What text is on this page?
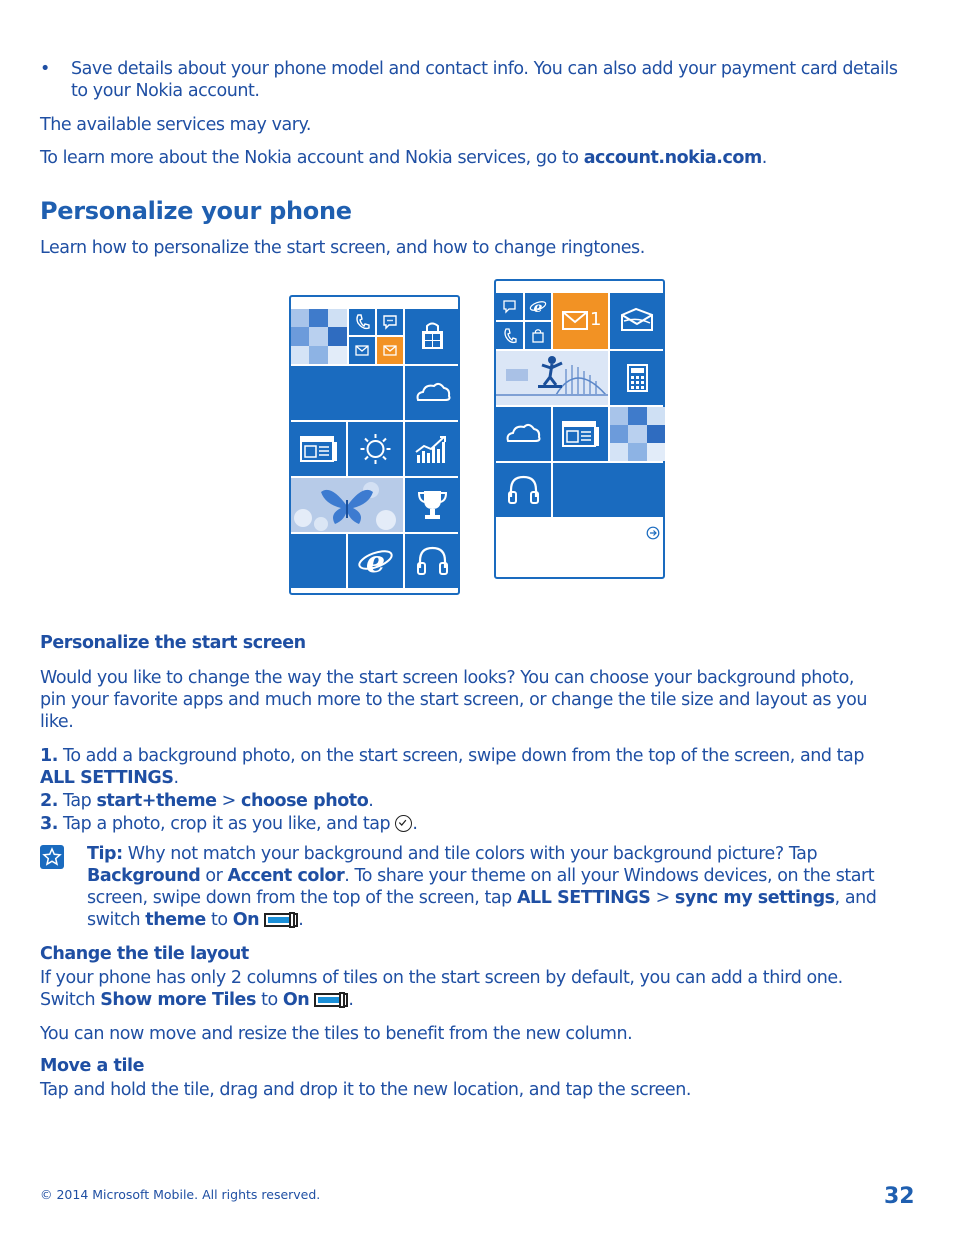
• Save details about your phone model and contact info. You can also add your payment card details
to your Nokia account.
The available services may vary.
To learn more about the Nokia account and Nokia services, go to account.nokia.com.
Personalize your phone
Learn how to personalize the start screen, and how to change ringtones.
e
e
1
Personalize the start screen
Would you like to change the way the start screen looks? You can choose your background photo,
pin your favorite apps and much more to the start screen, or change the tile size and layout as you
like.
1. To add a background photo, on the start screen, swipe down from the top of the screen, and tap
ALL SETTINGS.
2. Tap start+theme > choose photo.
3. Tap a photo, crop it as you like, and tap
.
Tip: Why not match your background and tile colors with your background picture? Tap
Background or Accent color. To share your theme on all your Windows devices, on the start
screen, swipe down from the top of the screen, tap ALL SETTINGS > sync my settings, and
switch theme to On .
Change the tile layout
If your phone has only 2 columns of tiles on the start screen by default, you can add a third one.
Switch Show more Tiles to On .
You can now move and resize the tiles to benefit from the new column.
Move a tile
Tap and hold the tile, drag and drop it to the new location, and tap the screen.
© 2014 Microsoft Mobile. All rights reserved.	32
